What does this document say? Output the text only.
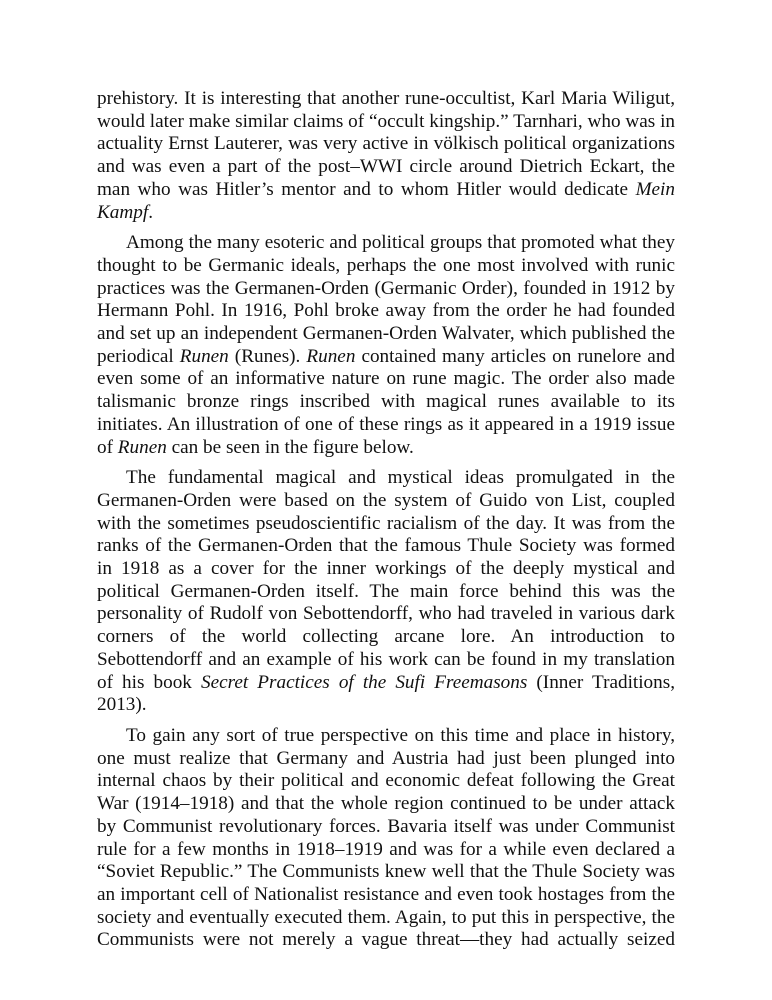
prehistory. It is interesting that another rune-occultist, Karl Maria Wiligut, would later make similar claims of “occult kingship.” Tarnhari, who was in actuality Ernst Lauterer, was very active in völkisch political organizations and was even a part of the post–WWI circle around Dietrich Eckart, the man who was Hitler’s mentor and to whom Hitler would dedicate Mein Kampf.

Among the many esoteric and political groups that promoted what they thought to be Germanic ideals, perhaps the one most involved with runic practices was the Germanen-Orden (Germanic Order), founded in 1912 by Hermann Pohl. In 1916, Pohl broke away from the order he had founded and set up an independent Germanen-Orden Walvater, which published the periodical Runen (Runes). Runen contained many articles on runelore and even some of an informative nature on rune magic. The order also made talismanic bronze rings inscribed with magical runes available to its initiates. An illustration of one of these rings as it appeared in a 1919 issue of Runen can be seen in the figure below.

The fundamental magical and mystical ideas promulgated in the Germanen-Orden were based on the system of Guido von List, coupled with the sometimes pseudoscientific racialism of the day. It was from the ranks of the Germanen-Orden that the famous Thule Society was formed in 1918 as a cover for the inner workings of the deeply mystical and political Germanen-Orden itself. The main force behind this was the personality of Rudolf von Sebottendorff, who had traveled in various dark corners of the world collecting arcane lore. An introduction to Sebottendorff and an example of his work can be found in my translation of his book Secret Practices of the Sufi Freemasons (Inner Traditions, 2013).

To gain any sort of true perspective on this time and place in history, one must realize that Germany and Austria had just been plunged into internal chaos by their political and economic defeat following the Great War (1914–1918) and that the whole region continued to be under attack by Communist revolutionary forces. Bavaria itself was under Communist rule for a few months in 1918–1919 and was for a while even declared a “Soviet Republic.” The Communists knew well that the Thule Society was an important cell of Nationalist resistance and even took hostages from the society and eventually executed them. Again, to put this in perspective, the Communists were not merely a vague threat—they had actually seized
